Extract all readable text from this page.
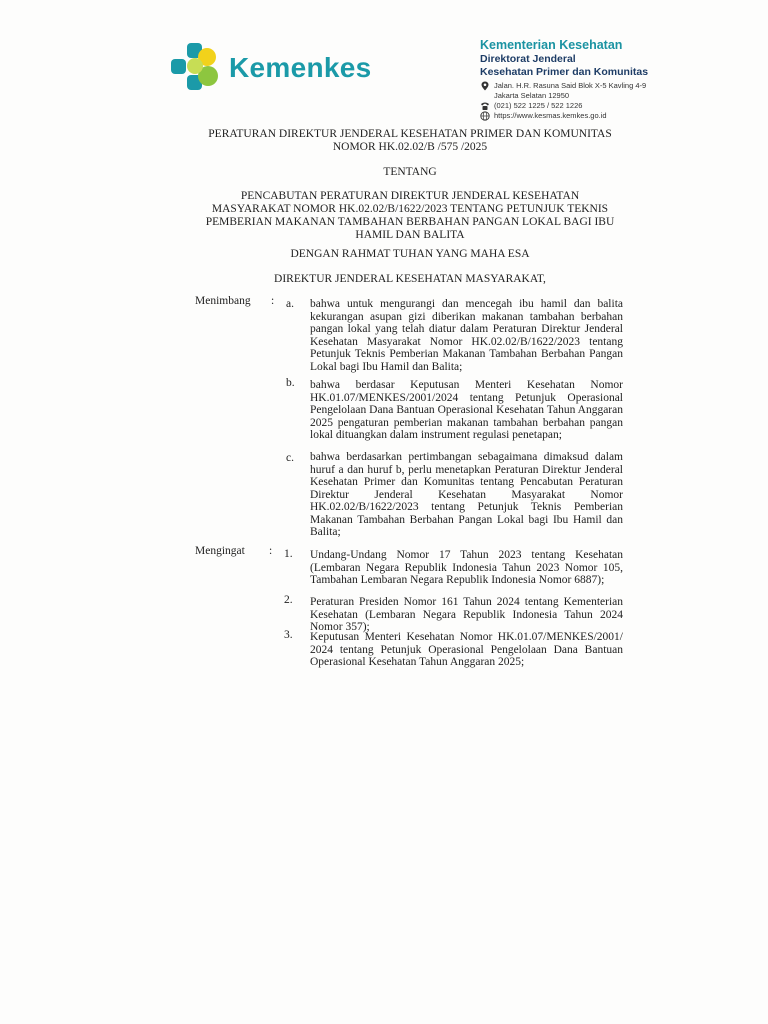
Kemenkes
Kementerian Kesehatan
Direktorat Jenderal
Kesehatan Primer dan Komunitas
Jalan. H.R. Rasuna Said Blok X-5 Kavling 4-9
Jakarta Selatan 12950
(021) 522 1225 / 522 1226
https://www.kesmas.kemkes.go.id
PERATURAN DIREKTUR JENDERAL KESEHATAN PRIMER DAN KOMUNITAS
NOMOR HK.02.02/B /575 /2025
TENTANG
PENCABUTAN PERATURAN DIREKTUR JENDERAL KESEHATAN
MASYARAKAT NOMOR HK.02.02/B/1622/2023 TENTANG PETUNJUK TEKNIS
PEMBERIAN MAKANAN TAMBAHAN BERBAHAN PANGAN LOKAL BAGI IBU
HAMIL DAN BALITA
DENGAN RAHMAT TUHAN YANG MAHA ESA
DIREKTUR JENDERAL KESEHATAN MASYARAKAT,
Menimbang : a. bahwa untuk mengurangi dan mencegah ibu hamil dan balita kekurangan asupan gizi diberikan makanan tambahan berbahan pangan lokal yang telah diatur dalam Peraturan Direktur Jenderal Kesehatan Masyarakat Nomor HK.02.02/B/1622/2023 tentang Petunjuk Teknis Pemberian Makanan Tambahan Berbahan Pangan Lokal bagi Ibu Hamil dan Balita;
b. bahwa berdasar Keputusan Menteri Kesehatan Nomor HK.01.07/MENKES/2001/2024 tentang Petunjuk Operasional Pengelolaan Dana Bantuan Operasional Kesehatan Tahun Anggaran 2025 pengaturan pemberian makanan tambahan berbahan pangan lokal dituangkan dalam instrument regulasi penetapan;
c. bahwa berdasarkan pertimbangan sebagaimana dimaksud dalam huruf a dan huruf b, perlu menetapkan Peraturan Direktur Jenderal Kesehatan Primer dan Komunitas tentang Pencabutan Peraturan Direktur Jenderal Kesehatan Masyarakat Nomor HK.02.02/B/1622/2023 tentang Petunjuk Teknis Pemberian Makanan Tambahan Berbahan Pangan Lokal bagi Ibu Hamil dan Balita;
Mengingat : 1. Undang-Undang Nomor 17 Tahun 2023 tentang Kesehatan (Lembaran Negara Republik Indonesia Tahun 2023 Nomor 105, Tambahan Lembaran Negara Republik Indonesia Nomor 6887);
2. Peraturan Presiden Nomor 161 Tahun 2024 tentang Kementerian Kesehatan (Lembaran Negara Republik Indonesia Tahun 2024 Nomor 357);
3. Keputusan Menteri Kesehatan Nomor HK.01.07/MENKES/2001/ 2024 tentang Petunjuk Operasional Pengelolaan Dana Bantuan Operasional Kesehatan Tahun Anggaran 2025;
